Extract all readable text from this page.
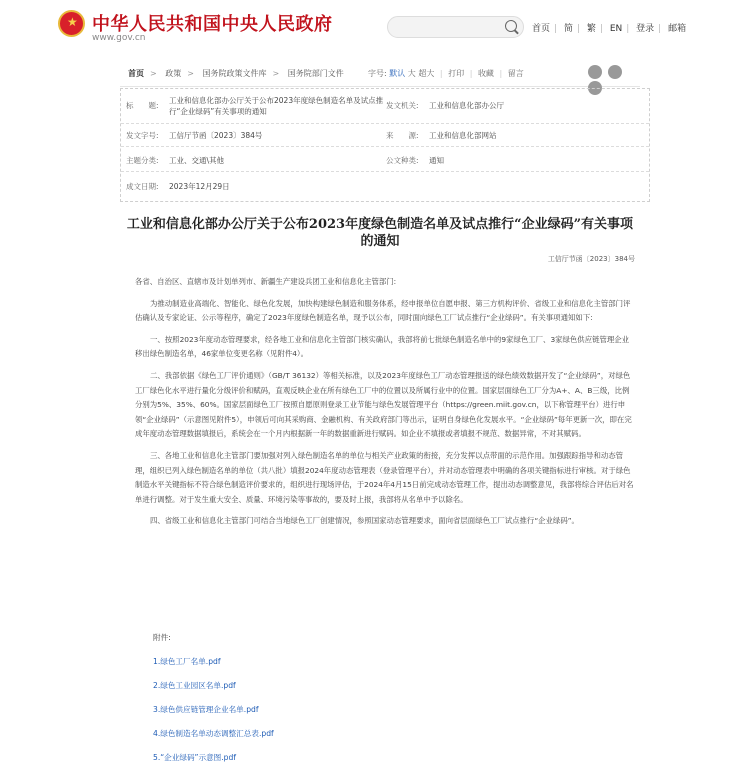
★
中华人民共和国中央人民政府
www.gov.cn
首页 | 简 | 繁 | EN | 登录 | 邮箱
首页 > 政策 > 国务院政策文件库 > 国务院部门文件	字号: 默认 大 超大 | 打印 | 收藏 | 留言

标　　题:
工业和信息化部办公厅关于公布2023年度绿色制造名单及试点推行“企业绿码”有关事项的通知
发文机关: 工业和信息化部办公厅
发文字号: 工信厅节函〔2023〕384号	来　　源: 工业和信息化部网站
主题分类: 工业、交通\其他	公文种类: 通知
成文日期: 2023年12月29日
工业和信息化部办公厅关于公布2023年度绿色制造名单及试点推行“企业绿码”有关事项的通知
工信厅节函〔2023〕384号

各省、自治区、直辖市及计划单列市、新疆生产建设兵团工业和信息化主管部门:

为推动制造业高端化、智能化、绿色化发展，加快构建绿色制造和服务体系，经申报单位自愿申报、第三方机构评价、省级工业和信息化主管部门评估确认及专家论证、公示等程序，确定了2023年度绿色制造名单，现予以公布，同时面向绿色工厂试点推行“企业绿码”。有关事项通知如下:

一、按照2023年度动态管理要求，经各地工业和信息化主管部门核实确认，我部将前七批绿色制造名单中的9家绿色工厂、3家绿色供应链管理企业移出绿色制造名单，46家单位变更名称（见附件4）。

二、我部依据《绿色工厂评价通则》（GB/T 36132）等相关标准，以及2023年度绿色工厂动态管理报送的绿色绩效数据开发了“企业绿码”，对绿色工厂绿色化水平进行量化分级评价和赋码，直观反映企业在所有绿色工厂中的位置以及所属行业中的位置。国家层面绿色工厂分为A+、A、B三级，比例分别为5%、35%、60%。国家层面绿色工厂按照自愿原则登录工业节能与绿色发展管理平台（https://green.miit.gov.cn，以下称管理平台）进行申领“企业绿码”（示意图见附件5），申领后可向其采购商、金融机构、有关政府部门等出示，证明自身绿色化发展水平。“企业绿码”每年更新一次，即在完成年度动态管理数据填报后，系统会在一个月内根据新一年的数据重新进行赋码。如企业不填报或者填报不规范、数据异常，不对其赋码。

三、各地工业和信息化主管部门要加强对列入绿色制造名单的单位与相关产业政策的衔接，充分发挥以点带面的示范作用。加强跟踪指导和动态管理，组织已列入绿色制造名单的单位（共八批）填报2024年度动态管理表（登录管理平台），并对动态管理表中明确的各项关键指标进行审核。对于绿色制造水平关键指标不符合绿色制造评价要求的，组织进行现场评估，于2024年4月15日前完成动态管理工作，提出动态调整意见，我部将综合评估后对名单进行调整。对于发生重大安全、质量、环境污染等事故的，要及时上报，我部将从名单中予以除名。

四、省级工业和信息化主管部门可结合当地绿色工厂创建情况，参照国家动态管理要求，面向省层面绿色工厂试点推行“企业绿码”。

附件:
1.绿色工厂名单.pdf
2.绿色工业园区名单.pdf
3.绿色供应链管理企业名单.pdf
4.绿色制造名单动态调整汇总表.pdf
5.“企业绿码”示意图.pdf
